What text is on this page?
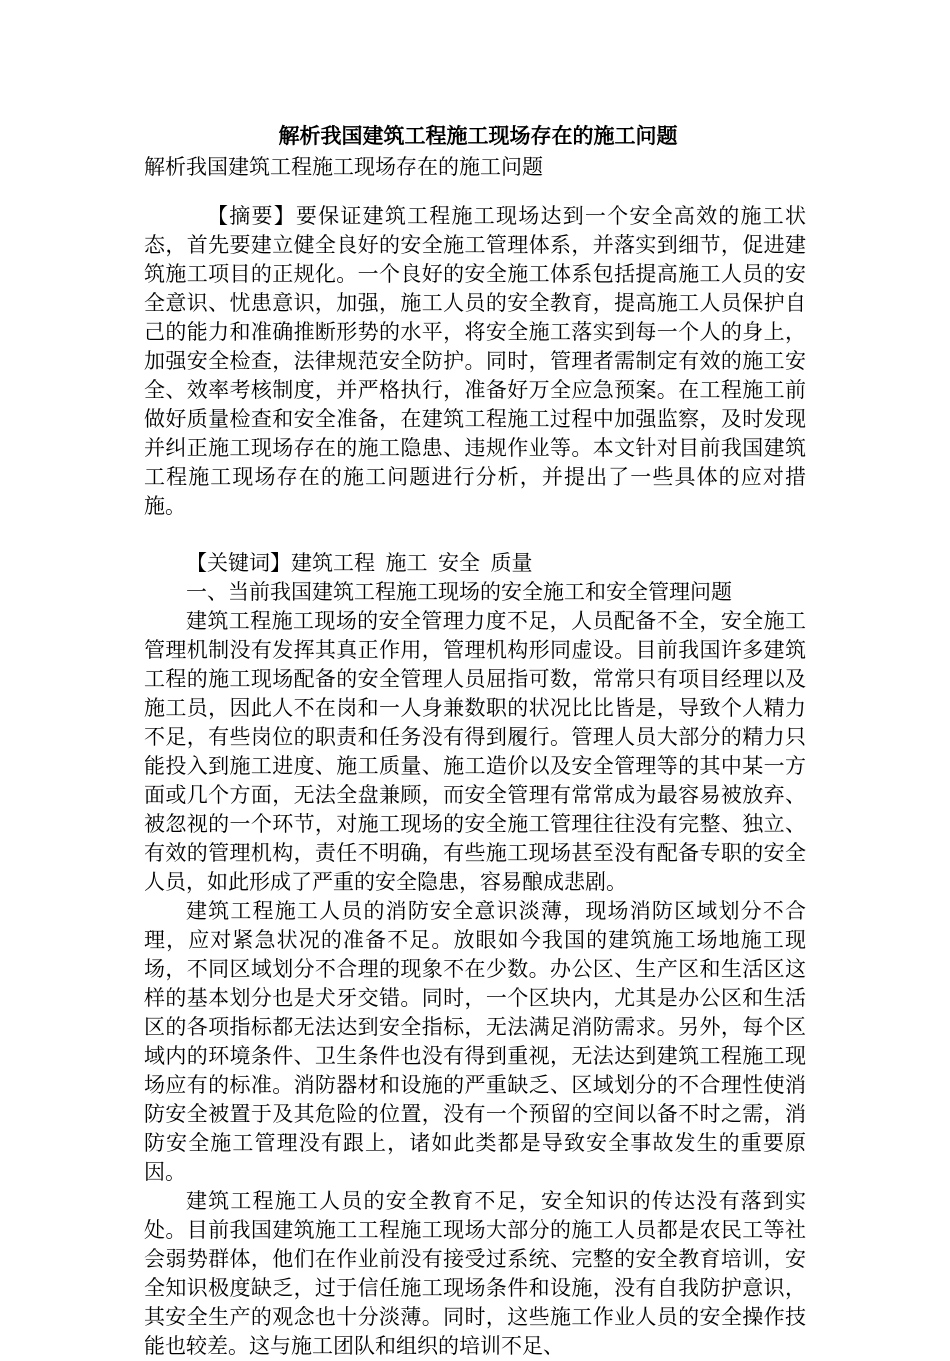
解析我国建筑工程施工现场存在的施工问题

解析我国建筑工程施工现场存在的施工问题

【摘要】要保证建筑工程施工现场达到一个安全高效的施工状态，首先要建立健全良好的安全施工管理体系，并落实到细节，促进建筑施工项目的正规化。一个良好的安全施工体系包括提高施工人员的安全意识、忧患意识，加强，施工人员的安全教育，提高施工人员保护自己的能力和准确推断形势的水平，将安全施工落实到每一个人的身上，加强安全检查，法律规范安全防护。同时，管理者需制定有效的施工安全、效率考核制度，并严格执行，准备好万全应急预案。在工程施工前做好质量检查和安全准备，在建筑工程施工过程中加强监察，及时发现并纠正施工现场存在的施工隐患、违规作业等。本文针对目前我国建筑工程施工现场存在的施工问题进行分析，并提出了一些具体的应对措施。

【关键词】建筑工程 施工 安全 质量

一、当前我国建筑工程施工现场的安全施工和安全管理问题

建筑工程施工现场的安全管理力度不足，人员配备不全，安全施工管理机制没有发挥其真正作用，管理机构形同虚设。目前我国许多建筑工程的施工现场配备的安全管理人员屈指可数，常常只有项目经理以及施工员，因此人不在岗和一人身兼数职的状况比比皆是，导致个人精力不足，有些岗位的职责和任务没有得到履行。管理人员大部分的精力只能投入到施工进度、施工质量、施工造价以及安全管理等的其中某一方面或几个方面，无法全盘兼顾，而安全管理有常常成为最容易被放弃、被忽视的一个环节，对施工现场的安全施工管理往往没有完整、独立、有效的管理机构，责任不明确，有些施工现场甚至没有配备专职的安全人员，如此形成了严重的安全隐患，容易酿成悲剧。

建筑工程施工人员的消防安全意识淡薄，现场消防区域划分不合理，应对紧急状况的准备不足。放眼如今我国的建筑施工场地施工现场，不同区域划分不合理的现象不在少数。办公区、生产区和生活区这样的基本划分也是犬牙交错。同时，一个区块内，尤其是办公区和生活区的各项指标都无法达到安全指标，无法满足消防需求。另外，每个区域内的环境条件、卫生条件也没有得到重视，无法达到建筑工程施工现场应有的标准。消防器材和设施的严重缺乏、区域划分的不合理性使消防安全被置于及其危险的位置，没有一个预留的空间以备不时之需，消防安全施工管理没有跟上，诸如此类都是导致安全事故发生的重要原因。

建筑工程施工人员的安全教育不足，安全知识的传达没有落到实处。目前我国建筑施工工程施工现场大部分的施工人员都是农民工等社会弱势群体，他们在作业前没有接受过系统、完整的安全教育培训，安全知识极度缺乏，过于信任施工现场条件和设施，没有自我防护意识，其安全生产的观念也十分淡薄。同时，这些施工作业人员的安全操作技能也较差。这与施工团队和组织的培训不足、
